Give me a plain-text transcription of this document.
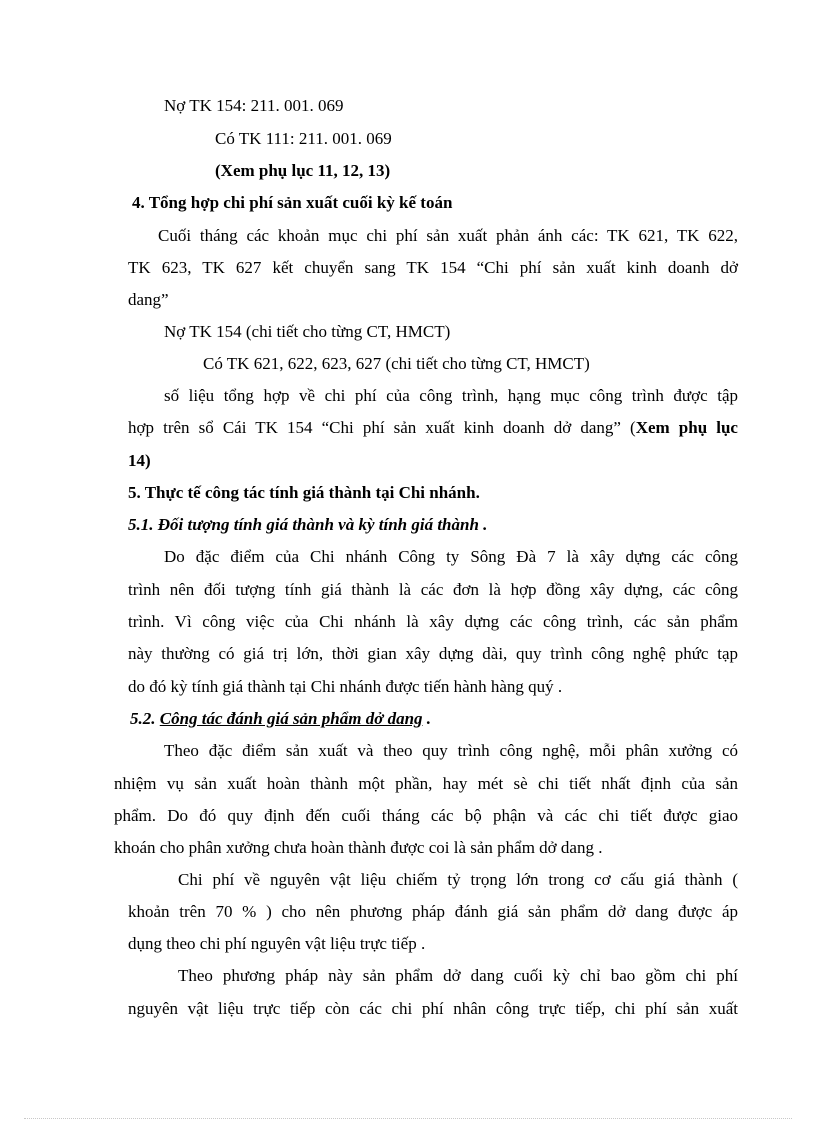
Nợ TK 154: 211. 001. 069
Có TK 111: 211. 001. 069
(Xem phụ lục 11, 12, 13)
4. Tổng hợp chi phí sản xuất cuối kỳ kế toán
Cuối tháng các khoản mục chi phí sản xuất phản ánh các: TK 621, TK 622,
TK 623, TK 627 kết chuyển sang TK 154 “Chi phí sản xuất kinh doanh dở
dang”
Nợ TK 154 (chi tiết cho từng CT, HMCT)
Có TK 621, 622, 623, 627 (chi tiết cho từng CT, HMCT)
số liệu tổng hợp về chi phí của công trình, hạng mục công trình được tập
hợp trên sổ Cái TK 154 “Chi phí sản xuất kinh doanh dở dang” (Xem phụ lục
14)
5. Thực tế công tác tính giá thành tại Chi nhánh.
5.1. Đối tượng tính giá thành và kỳ tính giá thành .
Do đặc điểm của Chi nhánh Công ty Sông Đà 7 là xây dựng các công
trình nên đối tượng tính giá thành là các đơn là hợp đồng xây dựng, các công
trình. Vì công việc của Chi nhánh là xây dựng các công trình, các sản phẩm
này thường có giá trị lớn, thời gian xây dựng dài, quy trình công nghệ phức tạp
do đó kỳ tính giá thành tại Chi nhánh được tiến hành hàng quý .
5.2. Công tác đánh giá sản phẩm dở dang .
Theo đặc điểm sản xuất và theo quy trình công nghệ, mỗi phân xưởng có
nhiệm vụ sản xuất hoàn thành một phần, hay mét sè chi tiết nhất định của sản
phẩm. Do đó quy định đến cuối tháng các bộ phận và các chi tiết được giao
khoán cho phân xưởng chưa hoàn thành được coi là sản phẩm dở dang .
Chi phí về nguyên vật liệu chiếm tỷ trọng lớn trong cơ cấu giá thành (
khoản trên 70 % ) cho nên phương pháp đánh giá sản phẩm dở dang được áp
dụng theo chi phí nguyên vật liệu trực tiếp .
Theo phương pháp này sản phẩm dở dang cuối kỳ chỉ bao gồm chi phí
nguyên vật liệu trực tiếp còn các chi phí nhân công trực tiếp, chi phí sản xuất
